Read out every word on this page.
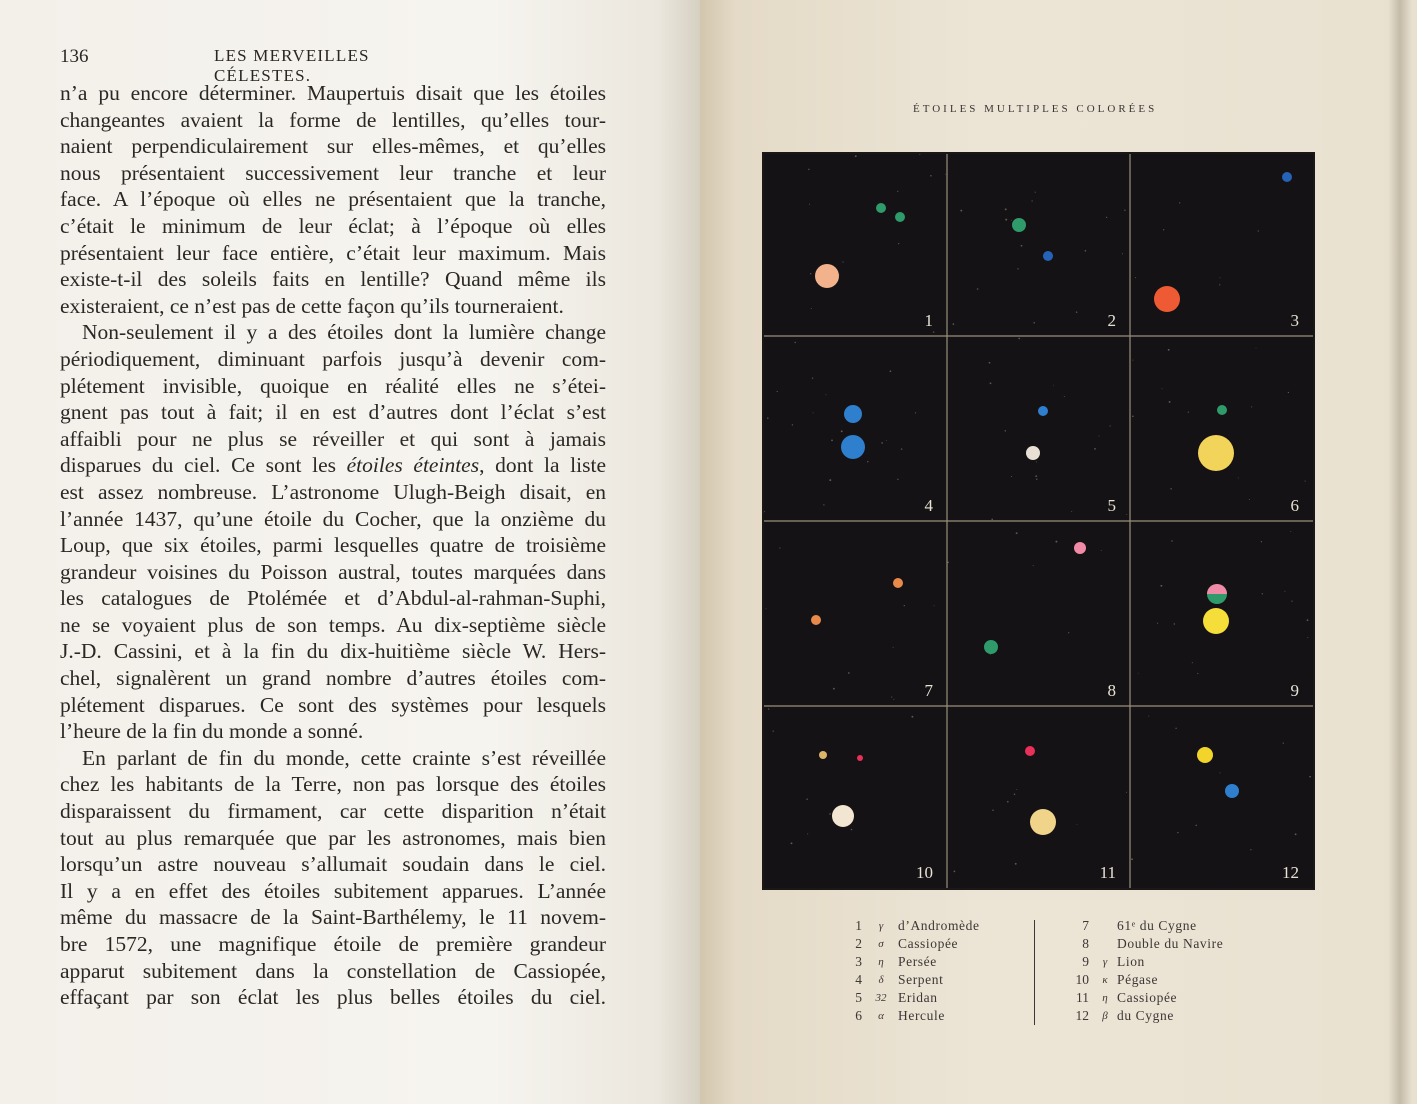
136	LES MERVEILLES CÉLESTES.
n’a pu encore déterminer. Maupertuis disait que les étoiles
changeantes avaient la forme de lentilles, qu’elles tour-
naient perpendiculairement sur elles-mêmes, et qu’elles
nous présentaient successivement leur tranche et leur
face. A l’époque où elles ne présentaient que la tranche,
c’était le minimum de leur éclat; à l’époque où elles
présentaient leur face entière, c’était leur maximum. Mais
existe-t-il des soleils faits en lentille? Quand même ils
existeraient, ce n’est pas de cette façon qu’ils tourneraient.
Non-seulement il y a des étoiles dont la lumière change
périodiquement, diminuant parfois jusqu’à devenir com-
plétement invisible, quoique en réalité elles ne s’étei-
gnent pas tout à fait; il en est d’autres dont l’éclat s’est
affaibli pour ne plus se réveiller et qui sont à jamais
disparues du ciel. Ce sont les étoiles éteintes, dont la liste
est assez nombreuse. L’astronome Ulugh-Beigh disait, en
l’année 1437, qu’une étoile du Cocher, que la onzième du
Loup, que six étoiles, parmi lesquelles quatre de troisième
grandeur voisines du Poisson austral, toutes marquées dans
les catalogues de Ptolémée et d’Abdul-al-rahman-Suphi,
ne se voyaient plus de son temps. Au dix-septième siècle
J.-D. Cassini, et à la fin du dix-huitième siècle W. Hers-
chel, signalèrent un grand nombre d’autres étoiles com-
plétement disparues. Ce sont des systèmes pour lesquels
l’heure de la fin du monde a sonné.
En parlant de fin du monde, cette crainte s’est réveillée
chez les habitants de la Terre, non pas lorsque des étoiles
disparaissent du firmament, car cette disparition n’était
tout au plus remarquée que par les astronomes, mais bien
lorsqu’un astre nouveau s’allumait soudain dans le ciel.
Il y a en effet des étoiles subitement apparues. L’année
même du massacre de la Saint-Barthélemy, le 11 novem-
bre 1572, une magnifique étoile de première grandeur
apparut subitement dans la constellation de Cassiopée,
effaçant par son éclat les plus belles étoiles du ciel.
ÉTOILES MULTIPLES COLORÉES
1	2	3
4	5	6
7	8	9
10	11	12
1	γ	d’Andromède
2	σ	Cassiopée
3	η	Persée
4	δ	Serpent
5 32 Eridan
6	α	Hercule
7 61ᵉ du Cygne
8 Double du Navire
9	γ Lion
10	κ Pégase
11	η Cassiopée
12	β du Cygne
